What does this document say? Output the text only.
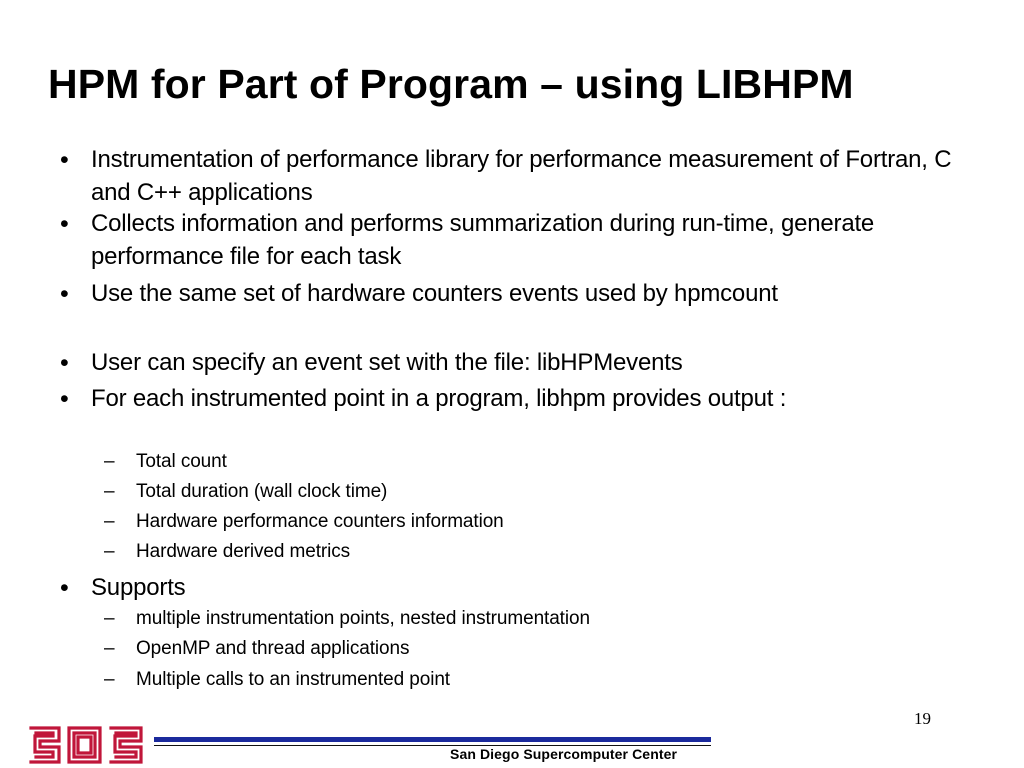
HPM for Part of Program – using LIBHPM
• Instrumentation of performance library for performance measurement of Fortran, C and C++ applications
• Collects information and performs summarization during run-time, generate performance file for each task
• Use the same set of hardware counters events used by hpmcount
• User can specify an event set with the file: libHPMevents
• For each instrumented point in a program, libhpm provides output :
– Total count
– Total duration (wall clock time)
– Hardware performance counters information
– Hardware derived metrics
• Supports
– multiple instrumentation points, nested instrumentation
– OpenMP and thread applications
– Multiple calls to an instrumented point
19
San Diego Supercomputer Center
